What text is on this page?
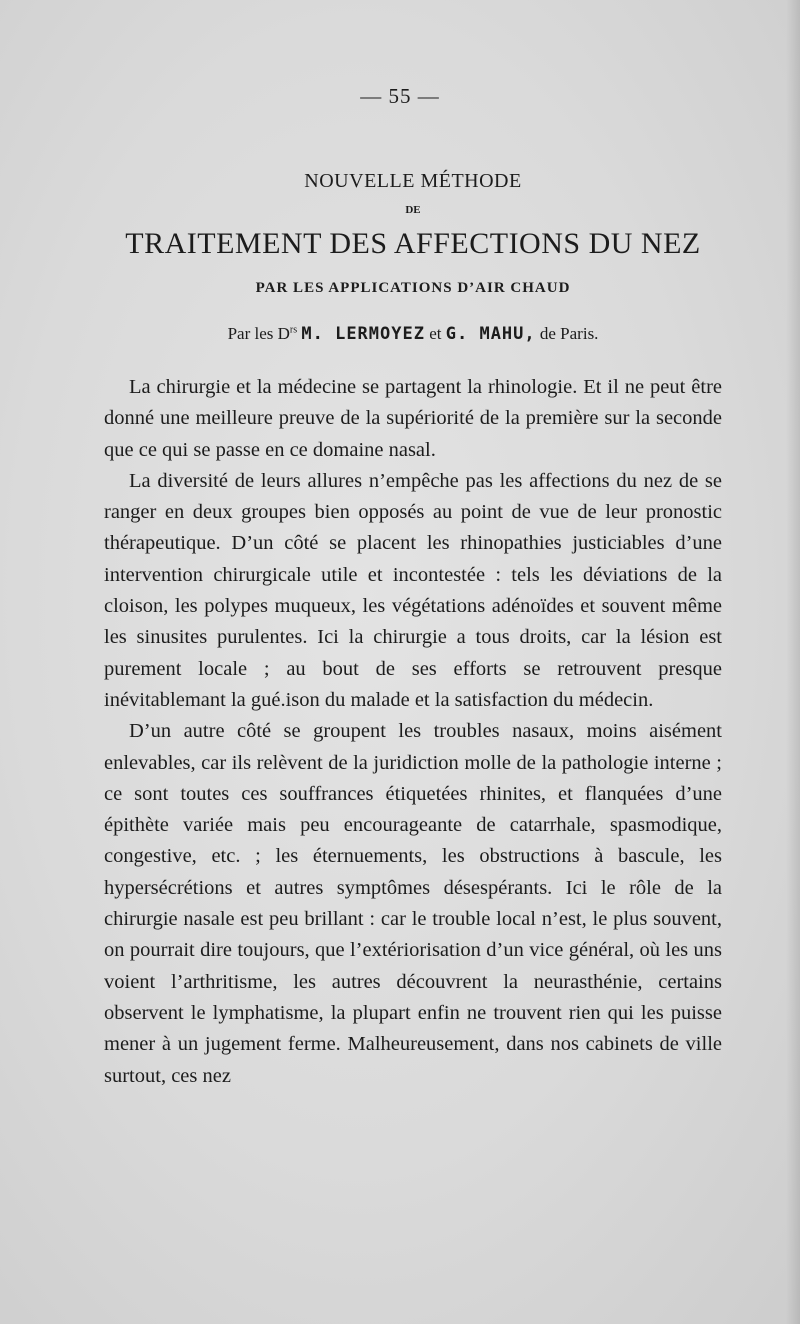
— 55 —
NOUVELLE MÉTHODE
DE
TRAITEMENT DES AFFECTIONS DU NEZ
PAR LES APPLICATIONS D’AIR CHAUD
Par les $D^{rs}$ M. LERMOYEZ et G. MAHU, de Paris.

La chirurgie et la médecine se partagent la rhinologie. Et il ne peut être donné une meilleure preuve de la supériorité de la première sur la seconde que ce qui se passe en ce domaine nasal.

La diversité de leurs allures n’empêche pas les affections du nez de se ranger en deux groupes bien opposés au point de vue de leur pronostic thérapeutique. D’un côté se placent les rhinopathies justiciables d’une intervention chirurgicale utile et incontestée : tels les déviations de la cloison, les polypes muqueux, les végétations adénoïdes et souvent même les sinusites purulentes. Ici la chirurgie a tous droits, car la lésion est purement locale ; au bout de ses efforts se retrouvent presque inévitablemant la gué.ison du malade et la satisfaction du médecin.

D’un autre côté se groupent les troubles nasaux, moins aisément enlevables, car ils relèvent de la juridiction molle de la pathologie interne ; ce sont toutes ces souffrances étiquetées rhinites, et flanquées d’une épithète variée mais peu encourageante de catarrhale, spasmodique, congestive, etc. ; les éternuements, les obstructions à bascule, les hypersécrétions et autres symptômes désespérants. Ici le rôle de la chirurgie nasale est peu brillant : car le trouble local n’est, le plus souvent, on pourrait dire toujours, que l’extériorisation d’un vice général, où les uns voient l’arthritisme, les autres découvrent la neurasthénie, certains observent le lymphatisme, la plupart enfin ne trouvent rien qui les puisse mener à un jugement ferme. Malheureusement, dans nos cabinets de ville surtout, ces nez
